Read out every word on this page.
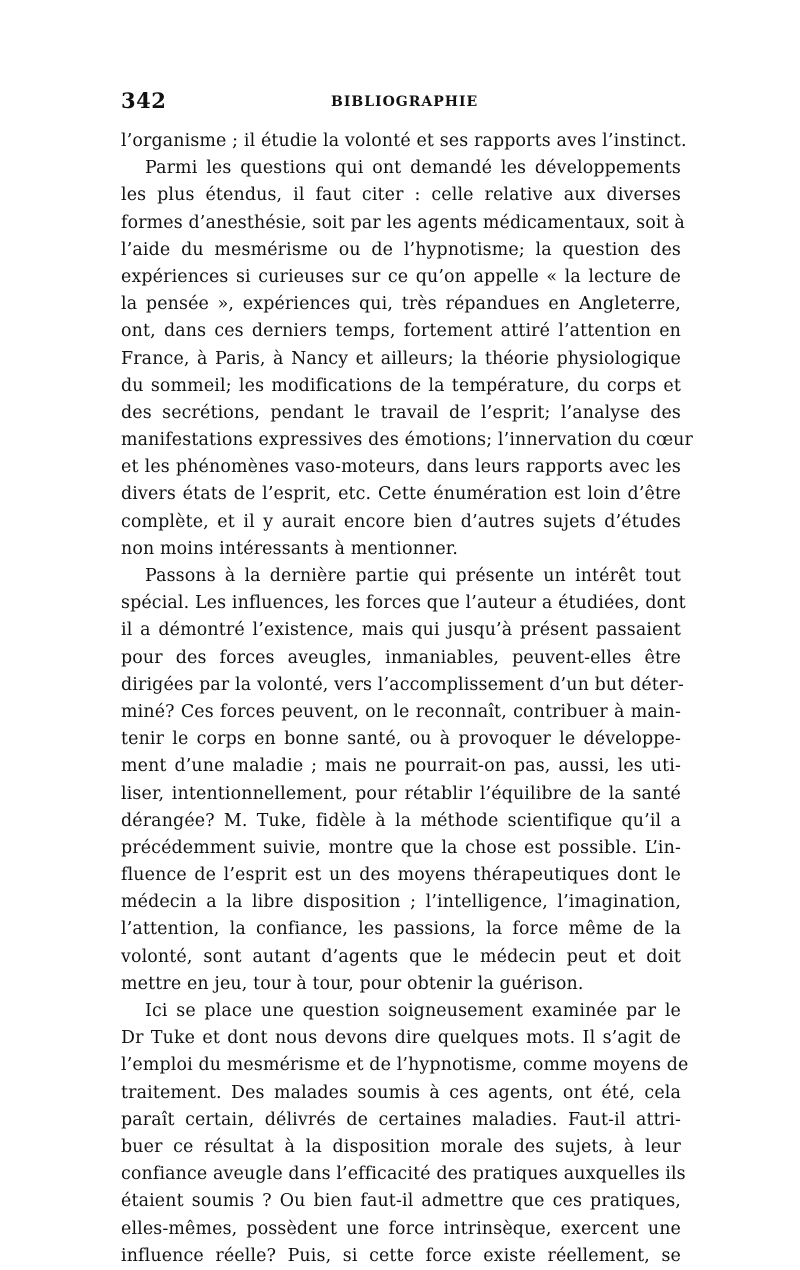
342	BIBLIOGRAPHIE
l’organisme ; il étudie la volonté et ses rapports aves l’instinct.
Parmi les questions qui ont demandé les développements
les plus étendus, il faut citer : celle relative aux diverses
formes d’anesthésie, soit par les agents médicamentaux, soit à
l’aide du mesmérisme ou de l’hypnotisme; la question des
expériences si curieuses sur ce qu’on appelle « la lecture de
la pensée », expériences qui, très répandues en Angleterre,
ont, dans ces derniers temps, fortement attiré l’attention en
France, à Paris, à Nancy et ailleurs; la théorie physiologique
du sommeil; les modifications de la température, du corps et
des secrétions, pendant le travail de l’esprit; l’analyse des
manifestations expressives des émotions; l’innervation du cœur
et les phénomènes vaso-moteurs, dans leurs rapports avec les
divers états de l’esprit, etc. Cette énumération est loin d’être
complète, et il y aurait encore bien d’autres sujets d’études
non moins intéressants à mentionner.
Passons à la dernière partie qui présente un intérêt tout
spécial. Les influences, les forces que l’auteur a étudiées, dont
il a démontré l’existence, mais qui jusqu’à présent passaient
pour des forces aveugles, inmaniables, peuvent-elles être
dirigées par la volonté, vers l’accomplissement d’un but déter-
miné? Ces forces peuvent, on le reconnaît, contribuer à main-
tenir le corps en bonne santé, ou à provoquer le développe-
ment d’une maladie ; mais ne pourrait-on pas, aussi, les uti-
liser, intentionnellement, pour rétablir l’équilibre de la santé
dérangée? M. Tuke, fidèle à la méthode scientifique qu’il a
précédemment suivie, montre que la chose est possible. L’in-
fluence de l’esprit est un des moyens thérapeutiques dont le
médecin a la libre disposition ; l’intelligence, l’imagination,
l’attention, la confiance, les passions, la force même de la
volonté, sont autant d’agents que le médecin peut et doit
mettre en jeu, tour à tour, pour obtenir la guérison.
Ici se place une question soigneusement examinée par le
Dr Tuke et dont nous devons dire quelques mots. Il s’agit de
l’emploi du mesmérisme et de l’hypnotisme, comme moyens de
traitement. Des malades soumis à ces agents, ont été, cela
paraît certain, délivrés de certaines maladies. Faut-il attri-
buer ce résultat à la disposition morale des sujets, à leur
confiance aveugle dans l’efficacité des pratiques auxquelles ils
étaient soumis ? Ou bien faut-il admettre que ces pratiques,
elles-mêmes, possèdent une force intrinsèque, exercent une
influence réelle? Puis, si cette force existe réellement, se
